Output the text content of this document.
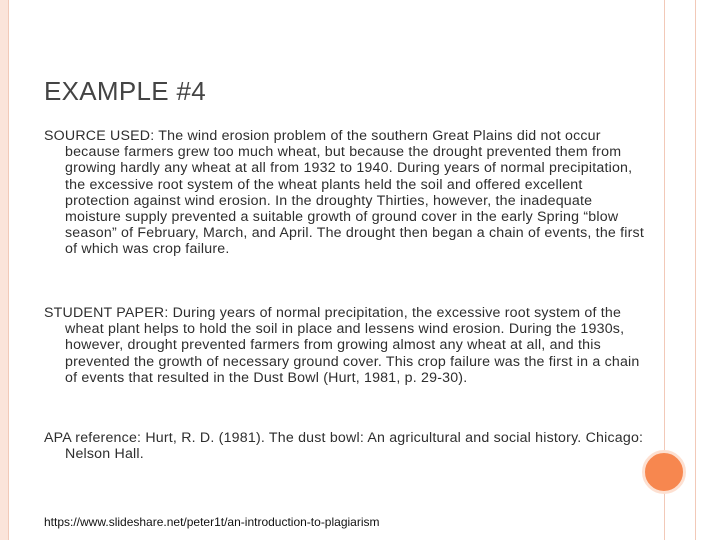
EXAMPLE #4
SOURCE USED: The wind erosion problem of the southern Great Plains did not occur because farmers grew too much wheat, but because the drought prevented them from growing hardly any wheat at all from 1932 to 1940. During years of normal precipitation, the excessive root system of the wheat plants held the soil and offered excellent protection against wind erosion. In the droughty Thirties, however, the inadequate moisture supply prevented a suitable growth of ground cover in the early Spring “blow season” of February, March, and April. The drought then began a chain of events, the first of which was crop failure.
STUDENT PAPER: During years of normal precipitation, the excessive root system of the wheat plant helps to hold the soil in place and lessens wind erosion. During the 1930s, however, drought prevented farmers from growing almost any wheat at all, and this prevented the growth of necessary ground cover. This crop failure was the first in a chain of events that resulted in the Dust Bowl (Hurt, 1981, p. 29-30).
APA reference: Hurt, R. D. (1981). The dust bowl: An agricultural and social history. Chicago: Nelson Hall.
https://www.slideshare.net/peter1t/an-introduction-to-plagiarism
